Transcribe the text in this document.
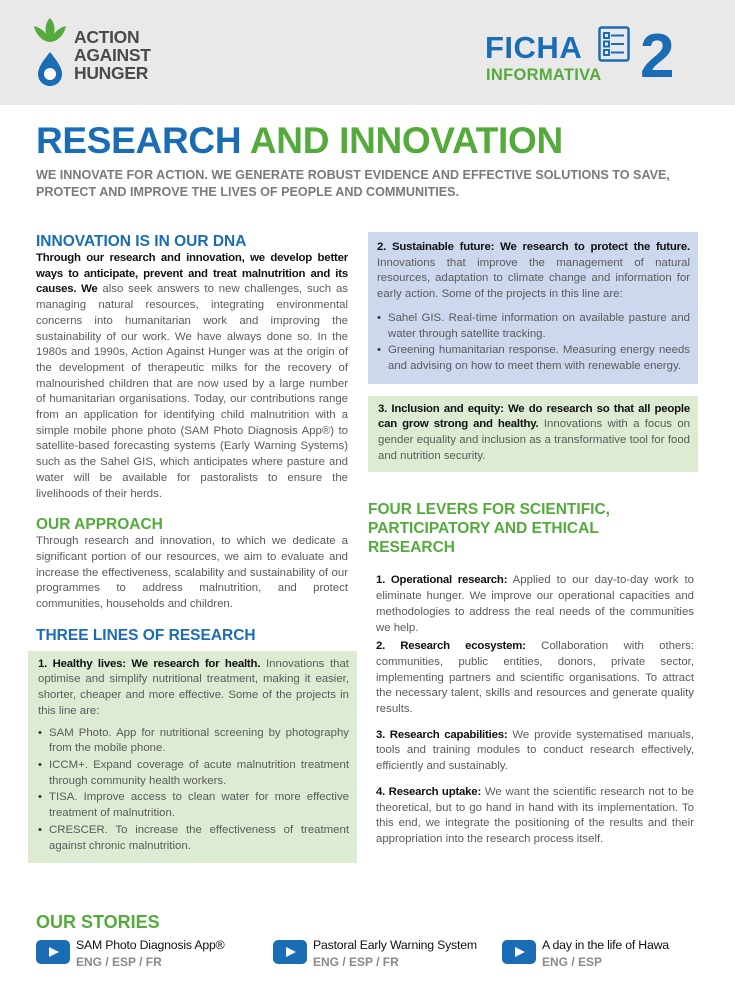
ACTION
AGAINST
HUNGER
FICHA
INFORMATIVA 2
RESEARCH AND INNOVATION
WE INNOVATE FOR ACTION. WE GENERATE ROBUST EVIDENCE AND EFFECTIVE SOLUTIONS TO SAVE, PROTECT AND IMPROVE THE LIVES OF PEOPLE AND COMMUNITIES.
INNOVATION IS IN OUR DNA

Through our research and innovation, we develop better ways to anticipate, prevent and treat malnutrition and its causes. We also seek answers to new challenges, such as managing natural resources, integrating environmental concerns into humanitarian work and improving the sustainability of our work. We have always done so. In the 1980s and 1990s, Action Against Hunger was at the origin of the development of therapeutic milks for the recovery of malnourished children that are now used by a large number of humanitarian organisations. Today, our contributions range from an application for identifying child malnutrition with a simple mobile phone photo (SAM Photo Diagnosis App®) to satellite-based forecasting systems (Early Warning Systems) such as the Sahel GIS, which anticipates where pasture and water will be available for pastoralists to ensure the livelihoods of their herds.

OUR APPROACH

Through research and innovation, to which we dedicate a significant portion of our resources, we aim to evaluate and increase the effectiveness, scalability and sustainability of our programmes to address malnutrition, and protect communities, households and children.

THREE LINES OF RESEARCH

1. Healthy lives: We research for health. Innovations that optimise and simplify nutritional treatment, making it easier, shorter, cheaper and more effective. Some of the projects in this line are:

• SAM Photo. App for nutritional screening by photography from the mobile phone.
• ICCM+. Expand coverage of acute malnutrition treatment through community health workers.
• TISA. Improve access to clean water for more effective treatment of malnutrition.
• CRESCER. To increase the effectiveness of treatment against chronic malnutrition.

2. Sustainable future: We research to protect the future. Innovations that improve the management of natural resources, adaptation to climate change and information for early action. Some of the projects in this line are:

• Sahel GIS. Real-time information on available pasture and water through satellite tracking.
• Greening humanitarian response. Measuring energy needs and advising on how to meet them with renewable energy.

3. Inclusion and equity: We do research so that all people can grow strong and healthy. Innovations with a focus on gender equality and inclusion as a transformative tool for food and nutrition security.

FOUR LEVERS FOR SCIENTIFIC, PARTICIPATORY AND ETHICAL RESEARCH

1. Operational research: Applied to our day-to-day work to eliminate hunger. We improve our operational capacities and methodologies to address the real needs of the communities we help.

2. Research ecosystem: Collaboration with others: communities, public entities, donors, private sector, implementing partners and scientific organisations. To attract the necessary talent, skills and resources and generate quality results.

3. Research capabilities: We provide systematised manuals, tools and training modules to conduct research effectively, efficiently and sustainably.

4. Research uptake: We want the scientific research not to be theoretical, but to go hand in hand with its implementation. To this end, we integrate the positioning of the results and their appropriation into the research process itself.

OUR STORIES
SAM Photo Diagnosis App®
ENG / ESP / FR
Pastoral Early Warning System
ENG / ESP / FR
A day in the life of Hawa
ENG / ESP
